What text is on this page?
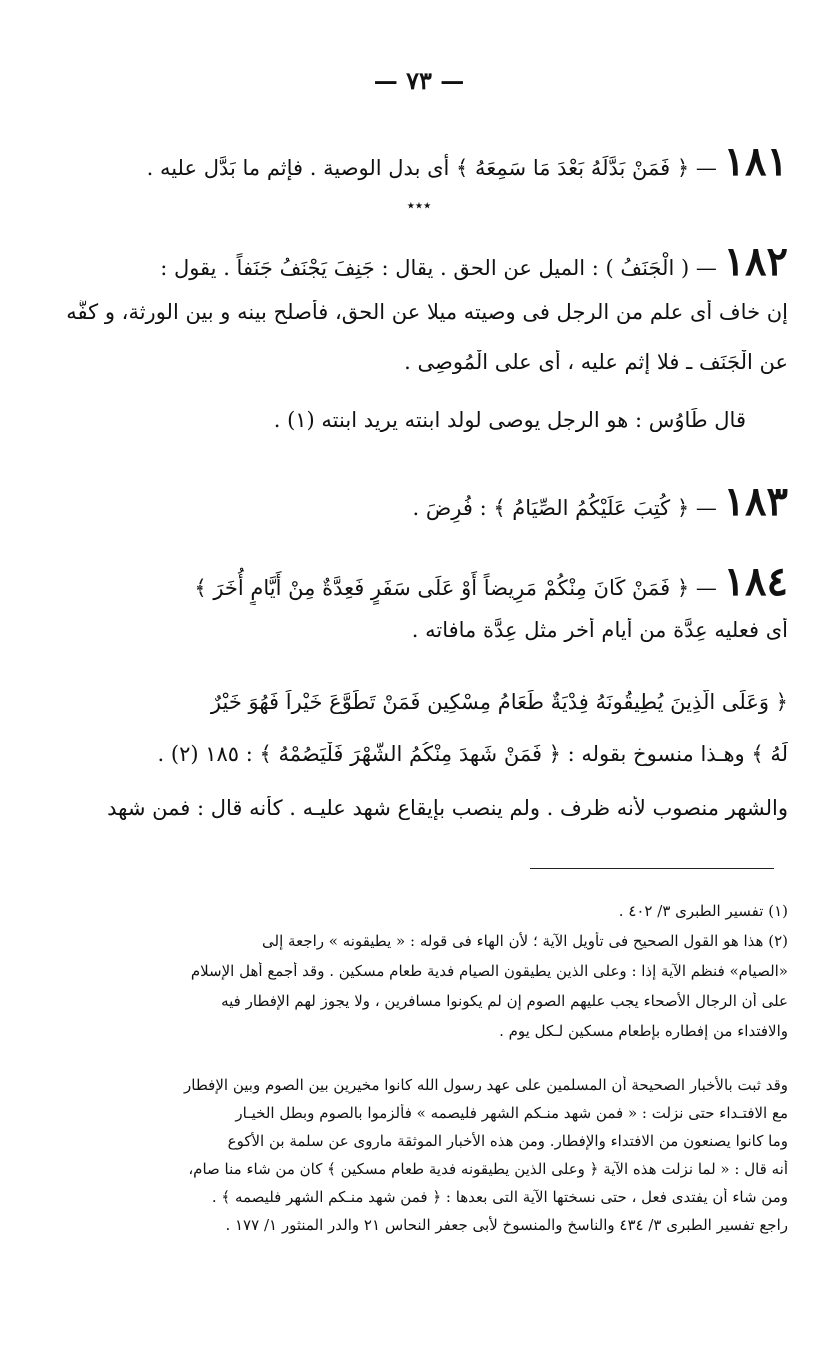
— ٧٣ —
١٨١ — ﴿ فَمَنْ بَدَّلَهُ بَعْدَ مَا سَمِعَهُ ﴾ أى بدل الوصية . فإثم ما بَدَّل عليه .
٭٭٭
١٨٢ — ( الْجَنَفُ ) : الميل عن الحق . يقال : جَنِفَ يَجْنَفُ جَنَفاً . يقول :
إن خاف أى علم من الرجل فى وصيته ميلا عن الحق، فأصلح بينه و بين الورثة، و كفَّه
عن الْجَنَف ـ فلا إثم عليه ، أى على الْمُوصِى .
قال طَاوُس : هو الرجل يوصى لولد ابنته يريد ابنته (١) .
١٨٣ — ﴿ كُتِبَ عَلَيْكُمُ الصِّيَامُ ﴾ : فُرِضَ .
١٨٤ — ﴿ فَمَنْ كَانَ مِنْكُمْ مَرِيضاً أَوْ عَلَى سَفَرٍ فَعِدَّةٌ مِنْ أَيَّامٍ أُخَرَ ﴾
أى فعليه عِدَّة من أيام أُخر مثل عِدَّة مافاته .
﴿ وَعَلَى الَّذِينَ يُطِيقُونَهُ فِدْيَةٌ طَعَامُ مِسْكِينٍ فَمَنْ تَطَوَّعَ خَيْراً فَهُوَ خَيْرٌ
لَهُ ﴾ وهـذا منسوخ بقوله : ﴿ فَمَنْ شَهِدَ مِنْكُمُ الشَّهْرَ فَلْيَصُمْهُ ﴾ : ١٨٥ (٢) .
والشهر منصوب لأنه ظرف . ولم ينصب بإيقاع شهد عليـه . كأنه قال : فمن شهد
(١) تفسير الطبرى ٣/ ٤٠٢ .
(٢) هذا هو القول الصحيح فى تأويل الآية ؛ لأن الهاء فى قوله : « يطيقونه » راجعة إلى
«الصيام» فنظم الآية إذا : وعلى الذين يطيقون الصيام فدية طعام مسكين . وقد أجمع أهل الإسلام
على أن الرجال الأصحاء يجب عليهم الصوم إن لم يكونوا مسافرين ، ولا يجوز لهم الإفطار فيه
والافتداء من إفطاره بإطعام مسكين لـكل يوم .
وقد ثبت بالأخبار الصحيحة أن المسلمين على عهد رسول الله كانوا مخيرين بين الصوم وبين الإفطار
مع الافتـداء حتى نزلت : « فمن شهد منـكم الشهر فليصمه » فألزموا بالصوم وبطل الخيـار
وما كانوا يصنعون من الافتداء والإفطار. ومن هذه الأخبار الموثقة ماروى عن سلمة بن الأكوع
أنه قال : « لما نزلت هذه الآية ﴿ وعلى الذين يطيقونه فدية طعام مسكين ﴾ كان من شاء منا صام،
ومن شاء أن يفتدى فعل ، حتى نسختها الآية التى بعدها : ﴿ فمن شهد منـكم الشهر فليصمه ﴾ .
راجع تفسير الطبرى ٣/ ٤٣٤ والناسخ والمنسوخ لأبى جعفر النحاس ٢١ والدر المنثور ١/ ١٧٧ .
